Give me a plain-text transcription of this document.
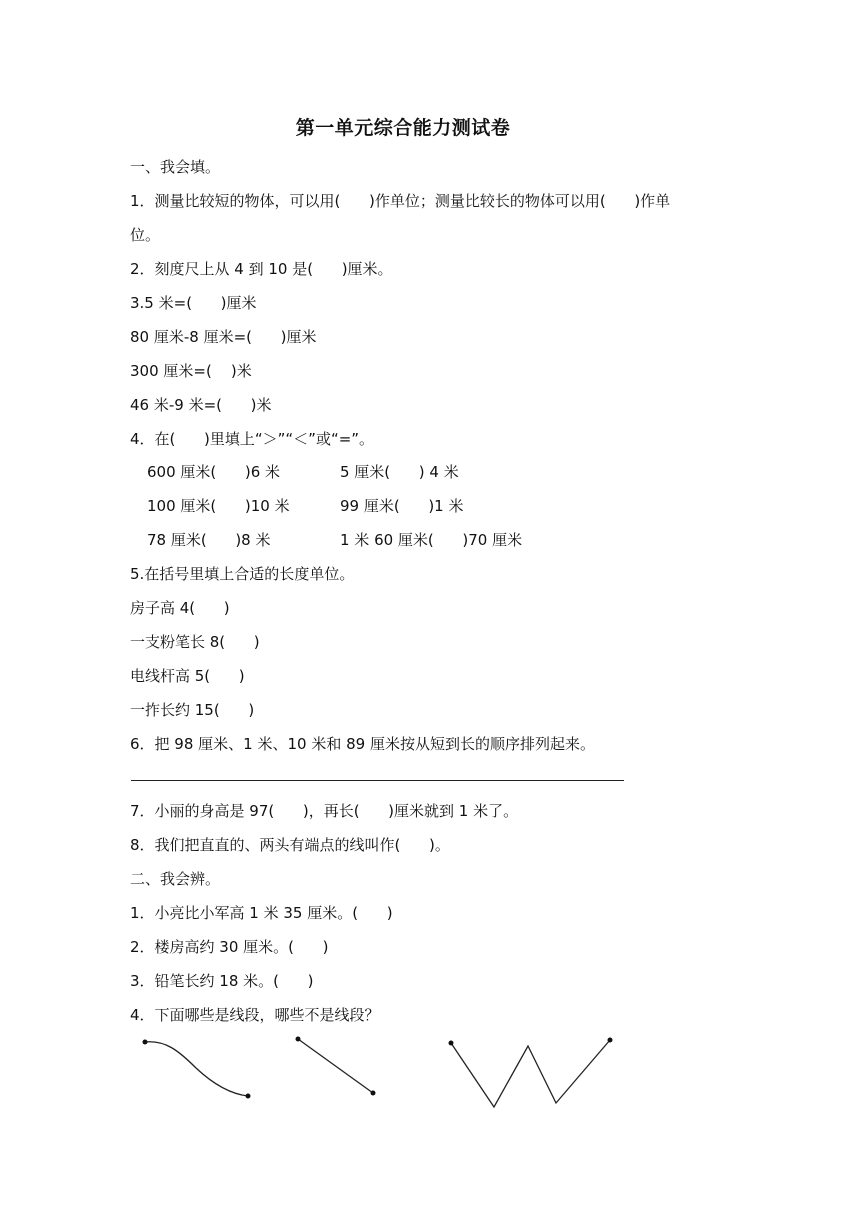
第一单元综合能力测试卷
一、我会填。
1．测量比较短的物体，可以用(      )作单位；测量比较长的物体可以用(      )作单
位。
2．刻度尺上从 4 到 10 是(      )厘米。
3.5 米=(      )厘米
80 厘米-8 厘米=(      )厘米
300 厘米=(    )米
46 米-9 米=(      )米
4．在(      )里填上“＞”“＜”或“=”。
600 厘米(      )6 米	5 厘米(      ) 4 米
100 厘米(      )10 米	99 厘米(      )1 米
78 厘米(      )8 米	1 米 60 厘米(      )70 厘米
5.在括号里填上合适的长度单位。
房子高 4(      )
一支粉笔长 8(      )
电线杆高 5(      )
一拃长约 15(      )
6．把 98 厘米、1 米、10 米和 89 厘米按从短到长的顺序排列起来。
7．小丽的身高是 97(      )，再长(      )厘米就到 1 米了。
8．我们把直直的、两头有端点的线叫作(      )。
二、我会辨。
1．小亮比小军高 1 米 35 厘米。(      )
2．楼房高约 30 厘米。(      )
3．铅笔长约 18 米。(      )
4．下面哪些是线段，哪些不是线段？
